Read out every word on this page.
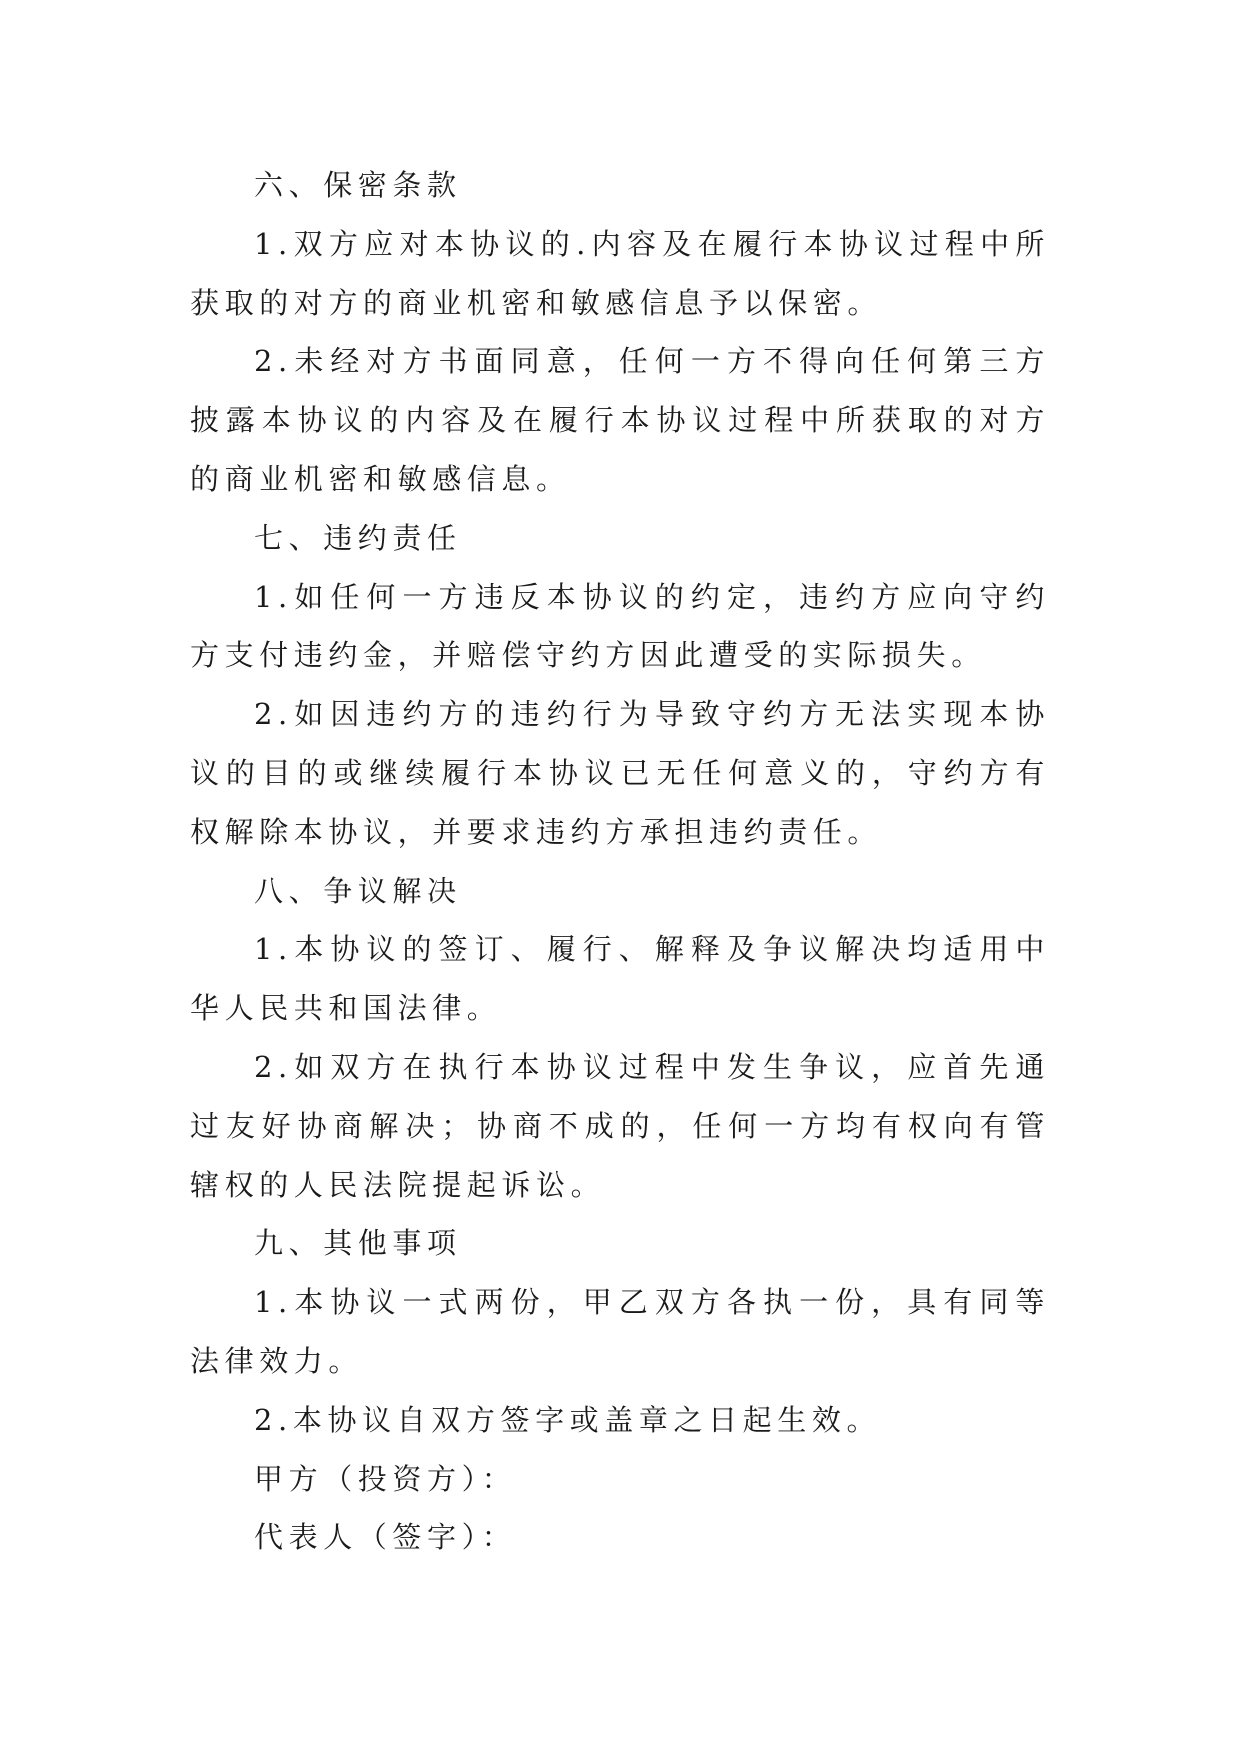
六、保密条款

1.双方应对本协议的.内容及在履行本协议过程中所获取的对方的商业机密和敏感信息予以保密。

2.未经对方书面同意，任何一方不得向任何第三方披露本协议的内容及在履行本协议过程中所获取的对方的商业机密和敏感信息。

七、违约责任

1.如任何一方违反本协议的约定，违约方应向守约方支付违约金，并赔偿守约方因此遭受的实际损失。

2.如因违约方的违约行为导致守约方无法实现本协议的目的或继续履行本协议已无任何意义的，守约方有权解除本协议，并要求违约方承担违约责任。

八、争议解决

1.本协议的签订、履行、解释及争议解决均适用中华人民共和国法律。

2.如双方在执行本协议过程中发生争议，应首先通过友好协商解决；协商不成的，任何一方均有权向有管辖权的人民法院提起诉讼。

九、其他事项

1.本协议一式两份，甲乙双方各执一份，具有同等法律效力。

2.本协议自双方签字或盖章之日起生效。

甲方（投资方）：

代表人（签字）：
